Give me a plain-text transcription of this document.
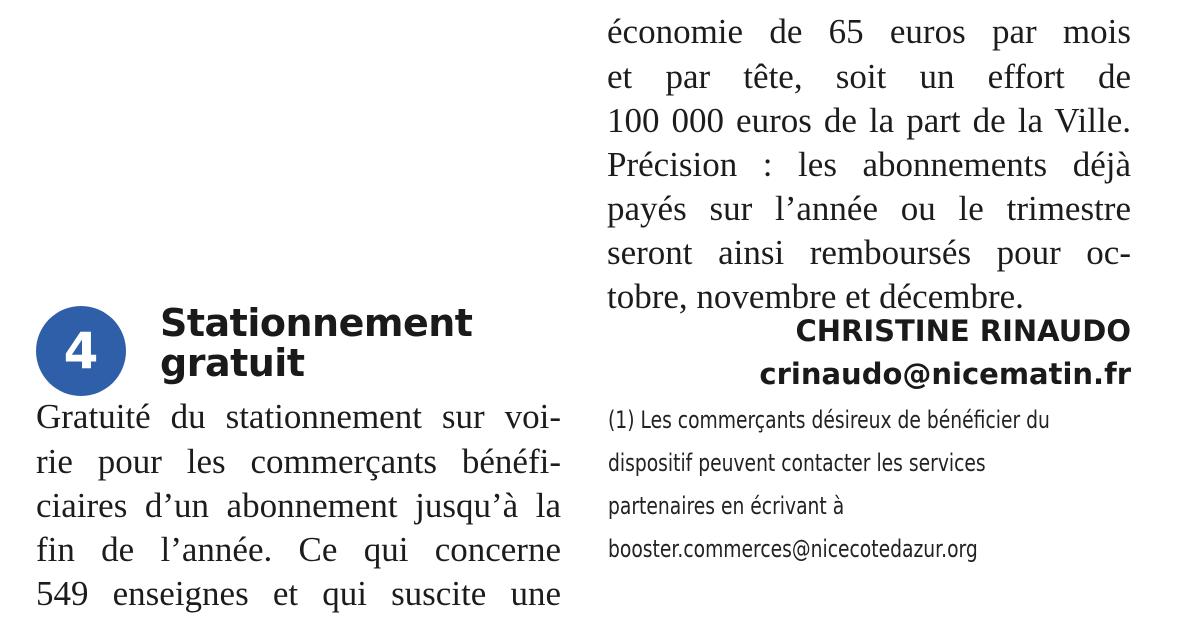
économie de 65 euros par mois
et par tête, soit un effort de
100 000 euros de la part de la Ville.
Précision : les abonnements déjà
payés sur l’année ou le trimestre
seront ainsi remboursés pour oc-
tobre, novembre et décembre.
CHRISTINE RINAUDO
crinaudo@nicematin.fr
(1) Les commerçants désireux de bénéficier du
dispositif peuvent contacter les services
partenaires en écrivant à
booster.commerces@nicecotedazur.org
4	Stationnement
gratuit
Gratuité du stationnement sur voi-
rie pour les commerçants bénéfi-
ciaires d’un abonnement jusqu’à la
fin de l’année. Ce qui concerne
549 enseignes et qui suscite une
